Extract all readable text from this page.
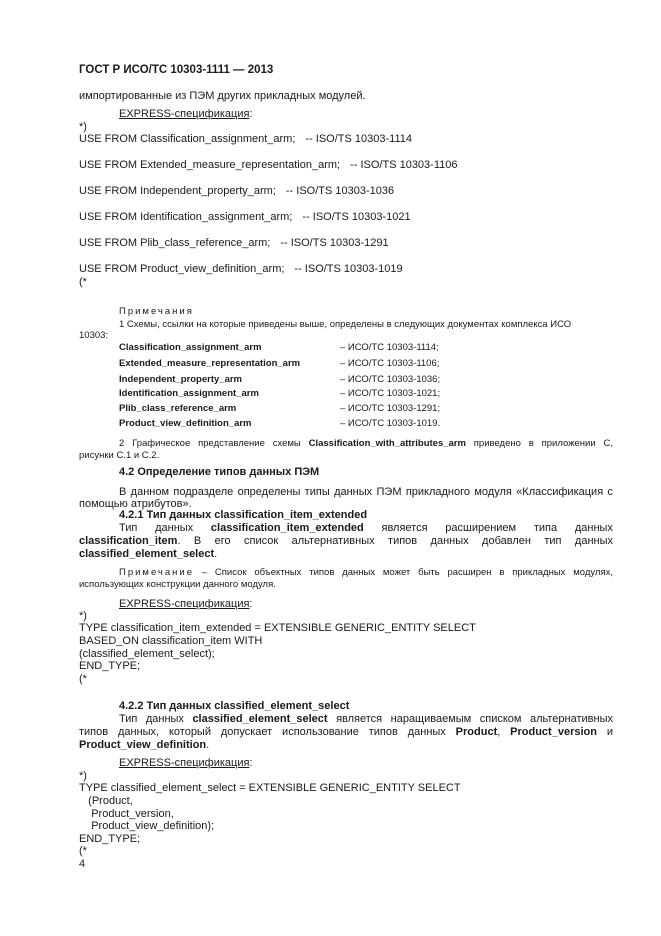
ГОСТ Р ИСО/ТС 10303-1111 — 2013
импортированные из ПЭМ других прикладных модулей.
EXPRESS-спецификация:
*)
USE FROM Classification_assignment_arm; -- ISO/TS 10303-1114
USE FROM Extended_measure_representation_arm; -- ISO/TS 10303-1106
USE FROM Independent_property_arm; -- ISO/TS 10303-1036
USE FROM Identification_assignment_arm; -- ISO/TS 10303-1021
USE FROM Plib_class_reference_arm; -- ISO/TS 10303-1291
USE FROM Product_view_definition_arm; -- ISO/TS 10303-1019
(*
Примечания
1 Схемы, ссылки на которые приведены выше, определены в следующих документах комплекса ИСО
10303:
Classification_assignment_arm	– ИСО/ТС 10303-1114;
Extended_measure_representation_arm	– ИСО/ТС 10303-1106;
Independent_property_arm	– ИСО/ТС 10303-1036;
Identification_assignment_arm	– ИСО/ТС 10303-1021;
Plib_class_reference_arm	– ИСО/ТС 10303-1291;
Product_view_definition_arm	– ИСО/ТС 10303-1019.
2 Графическое представление схемы Classification_with_attributes_arm приведено в приложении С,
рисунки С.1 и С.2.
4.2 Определение типов данных ПЭМ
В данном подразделе определены типы данных ПЭМ прикладного модуля «Классификация с
помощью атрибутов».
4.2.1 Тип данных classification_item_extended
Тип данных classification_item_extended является расширением типа данных
classification_item. В его список альтернативных типов данных добавлен тип данных
classified_element_select.
Примечание – Список объектных типов данных может быть расширен в прикладных модулях,
использующих конструкции данного модуля.
EXPRESS-спецификация:
*)
TYPE classification_item_extended = EXTENSIBLE GENERIC_ENTITY SELECT
BASED_ON classification_item WITH
(classified_element_select);
END_TYPE;
(*
4.2.2 Тип данных classified_element_select
Тип данных classified_element_select является наращиваемым списком альтернативных
типов данных, который допускает использование типов данных Product, Product_version и
Product_view_definition.
EXPRESS-спецификация:
*)
TYPE classified_element_select = EXTENSIBLE GENERIC_ENTITY SELECT
(Product,
Product_version,
Product_view_definition);
END_TYPE;
(*
4
